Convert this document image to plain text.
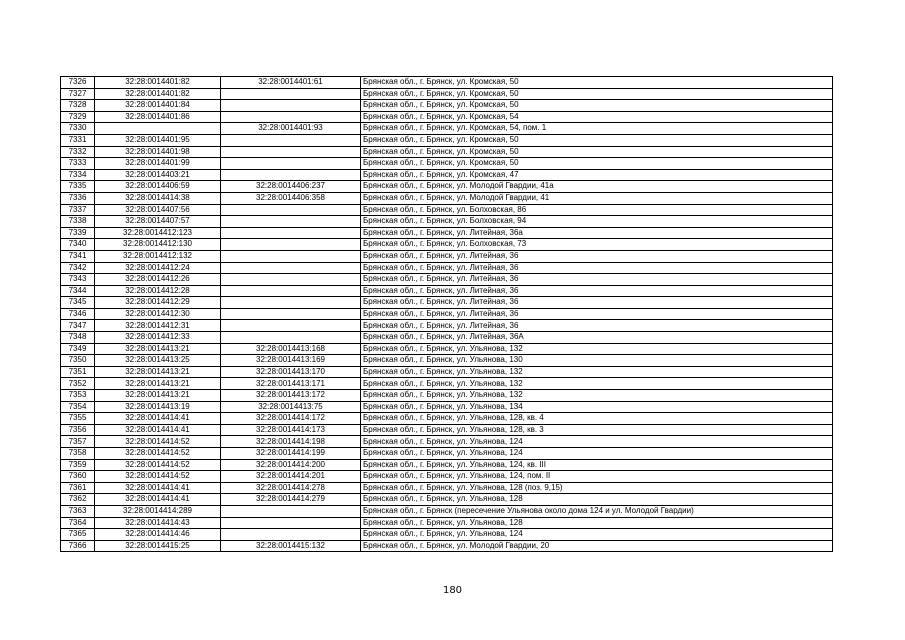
7326	32:28:0014401:82	32:28:0014401:61	Брянская обл., г. Брянск, ул. Кромская, 50
7327	32:28:0014401:82		Брянская обл., г. Брянск, ул. Кромская, 50
7328	32:28:0014401:84		Брянская обл., г. Брянск, ул. Кромская, 50
7329	32:28:0014401:86		Брянская обл., г. Брянск, ул. Кромская, 54
7330		32:28:0014401:93	Брянская обл., г. Брянск, ул. Кромская, 54, пом. 1
7331	32:28:0014401:95		Брянская обл., г. Брянск, ул. Кромская, 50
7332	32:28:0014401:98		Брянская обл., г. Брянск, ул. Кромская, 50
7333	32:28:0014401:99		Брянская обл., г. Брянск, ул. Кромская, 50
7334	32:28:0014403:21		Брянская обл., г. Брянск, ул. Кромская, 47
7335	32:28:0014406:59	32:28:0014406:237	Брянская обл., г. Брянск, ул. Молодой Гвардии, 41а
7336	32:28:0014414:38	32:28:0014406:358	Брянская обл., г. Брянск, ул. Молодой Гвардии, 41
7337	32:28:0014407:56		Брянская обл., г. Брянск, ул. Болховская, 86
7338	32:28:0014407:57		Брянская обл., г. Брянск, ул. Болховская, 94
7339	32:28:0014412:123		Брянская обл., г. Брянск, ул. Литейная, 36а
7340	32:28:0014412:130		Брянская обл., г. Брянск, ул. Болховская, 73
7341	32:28:0014412:132		Брянская обл., г. Брянск, ул. Литейная, 36
7342	32:28:0014412:24		Брянская обл., г. Брянск, ул. Литейная, 36
7343	32:28:0014412:26		Брянская обл., г. Брянск, ул. Литейная, 36
7344	32:28:0014412:28		Брянская обл., г. Брянск, ул. Литейная, 36
7345	32:28:0014412:29		Брянская обл., г. Брянск, ул. Литейная, 36
7346	32:28:0014412:30		Брянская обл., г. Брянск, ул. Литейная, 36
7347	32:28:0014412:31		Брянская обл., г. Брянск, ул. Литейная, 36
7348	32:28:0014412:33		Брянская обл., г. Брянск, ул. Литейная, 36А
7349	32:28:0014413:21	32:28:0014413:168	Брянская обл., г. Брянск, ул. Ульянова, 132
7350	32:28:0014413:25	32:28:0014413:169	Брянская обл., г. Брянск, ул. Ульянова, 130
7351	32:28:0014413:21	32:28:0014413:170	Брянская обл., г. Брянск, ул. Ульянова, 132
7352	32:28:0014413:21	32:28:0014413:171	Брянская обл., г. Брянск, ул. Ульянова, 132
7353	32:28:0014413:21	32:28:0014413:172	Брянская обл., г. Брянск, ул. Ульянова, 132
7354	32:28:0014413:19	32:28:0014413:75	Брянская обл., г. Брянск, ул. Ульянова, 134
7355	32:28:0014414:41	32:28:0014414:172	Брянская обл., г. Брянск, ул. Ульянова, 128, кв. 4
7356	32:28:0014414:41	32:28:0014414:173	Брянская обл., г. Брянск, ул. Ульянова, 128, кв. 3
7357	32:28:0014414:52	32:28:0014414:198	Брянская обл., г. Брянск, ул. Ульянова, 124
7358	32:28:0014414:52	32:28:0014414:199	Брянская обл., г. Брянск, ул. Ульянова, 124
7359	32:28:0014414:52	32:28:0014414:200	Брянская обл., г. Брянск, ул. Ульянова, 124, кв. III
7360	32:28:0014414:52	32:28:0014414:201	Брянская обл., г. Брянск, ул. Ульянова, 124, пом. II
7361	32:28:0014414:41	32:28:0014414:278	Брянская обл., г. Брянск, ул. Ульянова, 128 (поз. 9,15)
7362	32:28:0014414:41	32:28:0014414:279	Брянская обл., г. Брянск, ул. Ульянова, 128
7363	32:28:0014414:289		Брянская обл., г. Брянск (пересечение Ульянова около дома 124 и ул. Молодой Гвардии)
7364	32:28:0014414:43		Брянская обл., г. Брянск, ул. Ульянова, 128
7365	32:28:0014414:46		Брянская обл., г. Брянск, ул. Ульянова, 124
7366	32:28:0014415:25	32:28:0014415:132	Брянская обл., г. Брянск, ул. Молодой Гвардии, 20
180
